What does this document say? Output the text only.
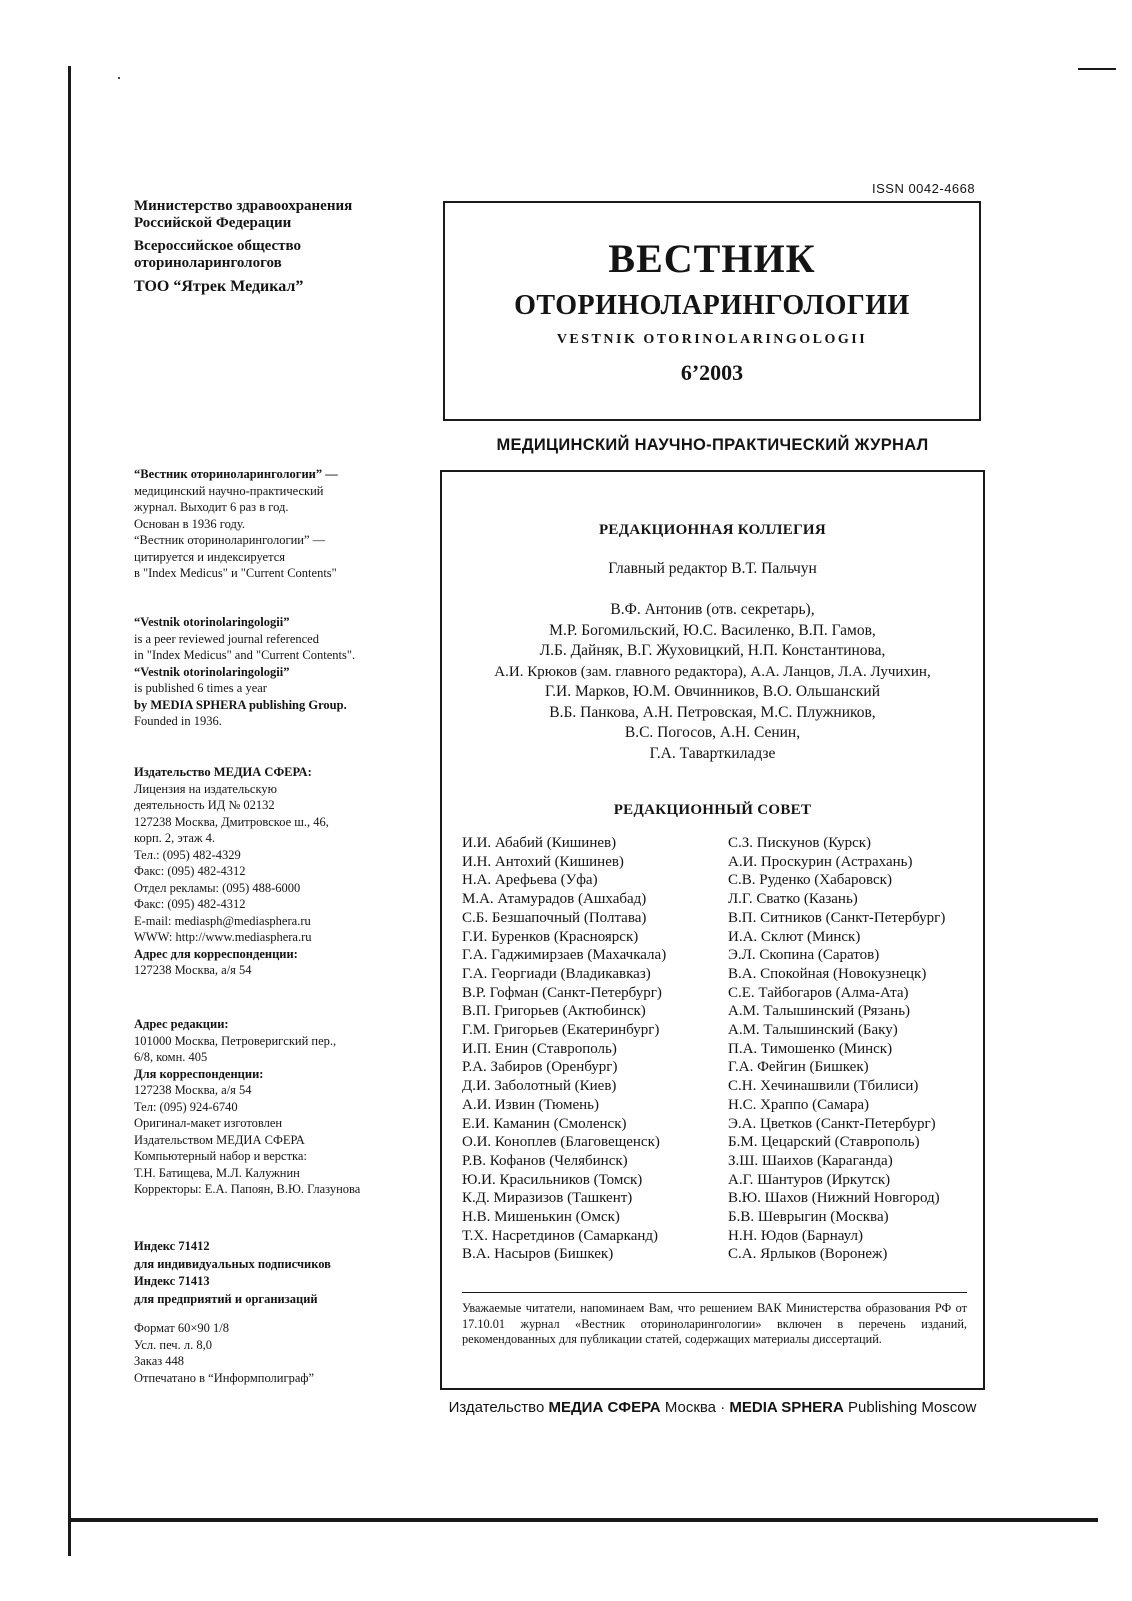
Министерство здравоохранения
Российской Федерации
Всероссийское общество
оториноларингологов
ТОО “Ятрек Медикал”
“Вестник оториноларингологии” —
медицинский научно-практический
журнал. Выходит 6 раз в год.
Основан в 1936 году.
“Вестник оториноларингологии” —
цитируется и индексируется
в "Index Medicus" и "Current Contents"
“Vestnik otorinolaringologii”
is a peer reviewed journal referenced
in "Index Medicus" and "Current Contents".
“Vestnik otorinolaringologii”
is published 6 times a year
by MEDIA SPHERA publishing Group.
Founded in 1936.
Издательство МЕДИА СФЕРА:
Лицензия на издательскую
деятельность ИД № 02132
127238 Москва, Дмитровское ш., 46,
корп. 2, этаж 4.
Тел.: (095) 482-4329
Факс: (095) 482-4312
Отдел рекламы: (095) 488-6000
Факс: (095) 482-4312
E-mail: mediasph@mediasphera.ru
WWW: http://www.mediasphera.ru
Адрес для корреспонденции:
127238 Москва, а/я 54
Адрес редакции:
101000 Москва, Петроверигский пер.,
6/8, комн. 405
Для корреспонденции:
127238 Москва, а/я 54
Тел: (095) 924-6740
Оригинал-макет изготовлен
Издательством МЕДИА СФЕРА
Компьютерный набор и верстка:
Т.Н. Батищева, М.Л. Калужнин
Корректоры: Е.А. Папоян, В.Ю. Глазунова
Индекс 71412
для индивидуальных подписчиков
Индекс 71413
для предприятий и организаций
Формат 60×90 1/8
Усл. печ. л. 8,0
Заказ 448
Отпечатано в “Информполиграф”
ISSN 0042-4668
ВЕСТНИК
ОТОРИНОЛАРИНГОЛОГИИ
VESTNIK OTORINOLARINGOLOGII
6’2003
МЕДИЦИНСКИЙ НАУЧНО-ПРАКТИЧЕСКИЙ ЖУРНАЛ
РЕДАКЦИОННАЯ КОЛЛЕГИЯ
Главный редактор В.Т. Пальчун
В.Ф. Антонив (отв. секретарь),
М.Р. Богомильский, Ю.С. Василенко, В.П. Гамов,
Л.Б. Дайняк, В.Г. Жуховицкий, Н.П. Константинова,
А.И. Крюков (зам. главного редактора), А.А. Ланцов, Л.А. Лучихин,
Г.И. Марков, Ю.М. Овчинников, В.О. Ольшанский
В.Б. Панкова, А.Н. Петровская, М.С. Плужников,
В.С. Погосов, А.Н. Сенин,
Г.А. Таварткиладзе
РЕДАКЦИОННЫЙ СОВЕТ
И.И. Абабий (Кишинев)
И.Н. Антохий (Кишинев)
Н.А. Арефьева (Уфа)
М.А. Атамурадов (Ашхабад)
С.Б. Безшапочный (Полтава)
Г.И. Буренков (Красноярск)
Г.А. Гаджимирзаев (Махачкала)
Г.А. Георгиади (Владикавказ)
В.Р. Гофман (Санкт-Петербург)
В.П. Григорьев (Актюбинск)
Г.М. Григорьев (Екатеринбург)
И.П. Енин (Ставрополь)
Р.А. Забиров (Оренбург)
Д.И. Заболотный (Киев)
А.И. Извин (Тюмень)
Е.И. Каманин (Смоленск)
О.И. Коноплев (Благовещенск)
Р.В. Кофанов (Челябинск)
Ю.И. Красильников (Томск)
К.Д. Миразизов (Ташкент)
Н.В. Мишенькин (Омск)
Т.Х. Насретдинов (Самарканд)
В.А. Насыров (Бишкек)
С.З. Пискунов (Курск)
А.И. Проскурин (Астрахань)
С.В. Руденко (Хабаровск)
Л.Г. Сватко (Казань)
В.П. Ситников (Санкт-Петербург)
И.А. Склют (Минск)
Э.Л. Скопина (Саратов)
В.А. Спокойная (Новокузнецк)
С.Е. Тайбогаров (Алма-Ата)
А.М. Талышинский (Рязань)
А.М. Талышинский (Баку)
П.А. Тимошенко (Минск)
Г.А. Фейгин (Бишкек)
С.Н. Хечинашвили (Тбилиси)
Н.С. Храппо (Самара)
Э.А. Цветков (Санкт-Петербург)
Б.М. Цецарский (Ставрополь)
З.Ш. Шаихов (Караганда)
А.Г. Шантуров (Иркутск)
В.Ю. Шахов (Нижний Новгород)
Б.В. Шеврыгин (Москва)
Н.Н. Юдов (Барнаул)
С.А. Ярлыков (Воронеж)
Уважаемые читатели, напоминаем Вам, что решением ВАК Министерства образования РФ от 17.10.01 журнал «Вестник оториноларингологии» включен в перечень изданий, рекомендованных для публикации статей, содержащих материалы диссертаций.
Издательство МЕДИА СФЕРА Москва · MEDIA SPHERA Publishing Moscow
